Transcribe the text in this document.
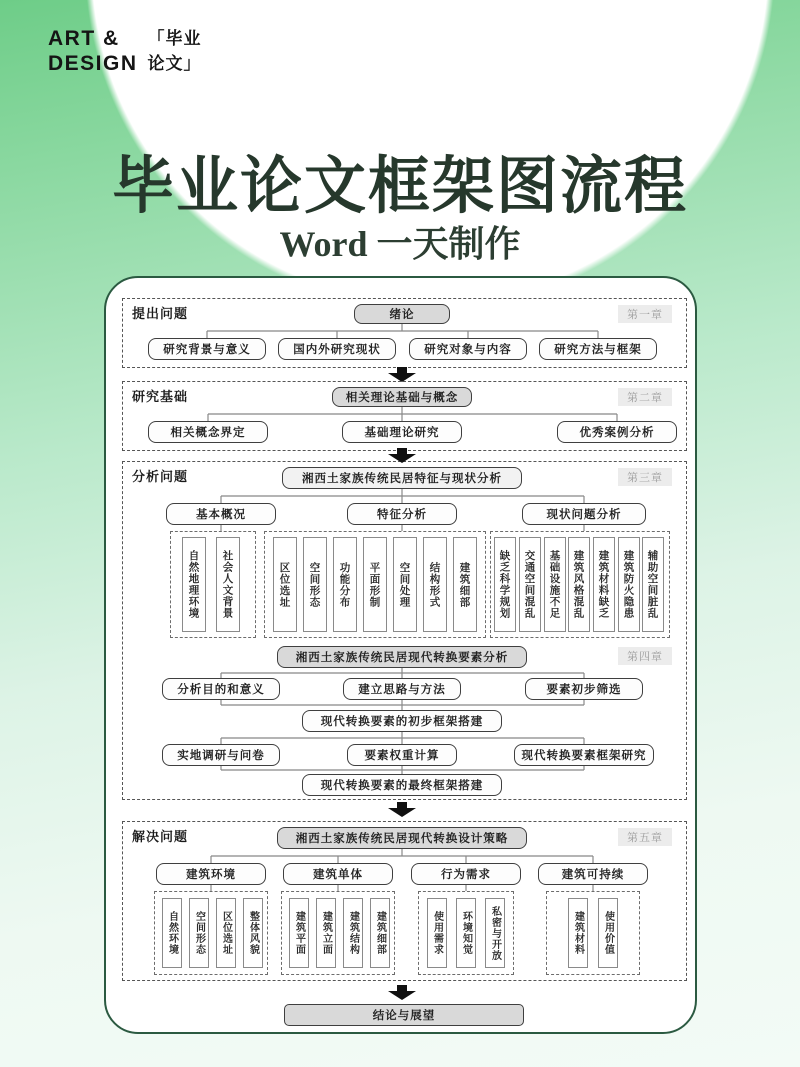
ART &
DESIGN
「毕业
论文」
毕业论文框架图流程
Word 一天制作
提出问题	第一章
绪论
研究背景与意义	国内外研究现状	研究对象与内容	研究方法与框架
研究基础	第二章
相关理论基础与概念
相关概念界定	基础理论研究	优秀案例分析
分析问题	第三章
湘西土家族传统民居特征与现状分析
基本概况	特征分析	现状问题分析
自然地理环境	社会人文背景	区位选址	空间形态	功能分布	平面形制	空间处理	结构形式	建筑细部	缺乏科学规划	交通空间混乱	基础设施不足	建筑风格混乱	建筑材料缺乏	建筑防火隐患	辅助空间脏乱
第四章
湘西土家族传统民居现代转换要素分析
分析目的和意义	建立思路与方法	要素初步筛选
现代转换要素的初步框架搭建
实地调研与问卷	要素权重计算	现代转换要素框架研究
现代转换要素的最终框架搭建
解决问题	第五章
湘西土家族传统民居现代转换设计策略
建筑环境	建筑单体	行为需求	建筑可持续
自然环境	空间形态	区位选址	整体风貌	建筑平面	建筑立面	建筑结构	建筑细部	使用需求	环境知觉	私密与开放	建筑材料	使用价值
结论与展望
